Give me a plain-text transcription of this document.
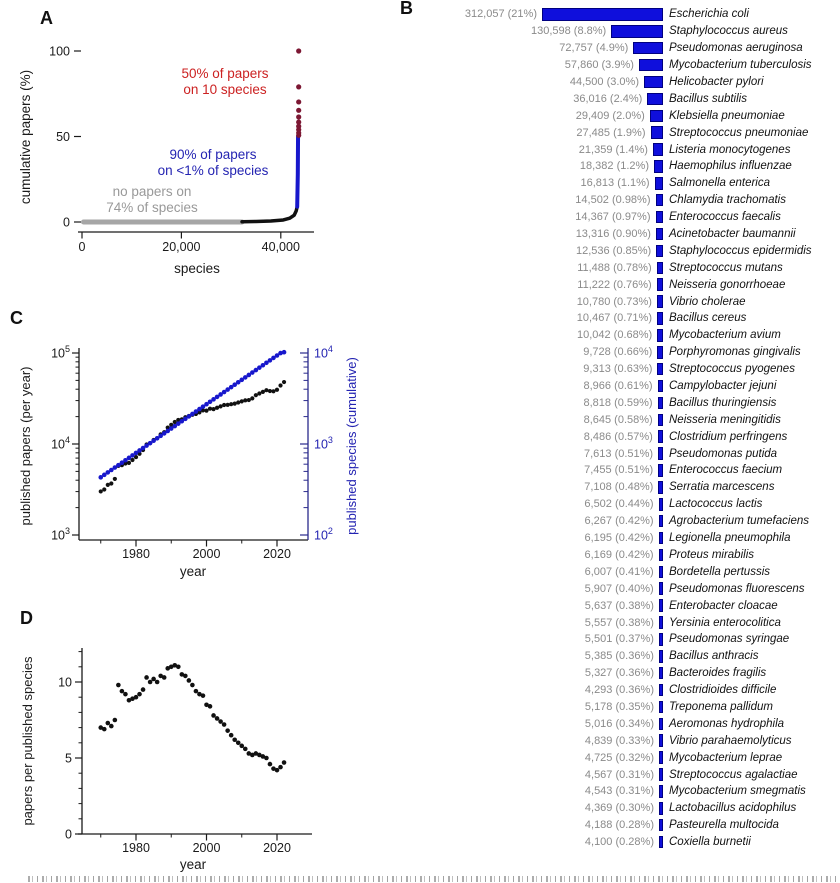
A
0	20,000	40,000
0
50
100
species
cumulative papers (%)	50% of papers
on 10 species
90% of papers
on <1% of species
no papers on
74% of species
C
$10^3$
$10^4$
$10^5$
$10^2$
$10^3$
$10^4$
1980	2000	2020
year
published papers (per year)	published species (cumulative)
D
0
5
10
1980	2000	2020
year
papers per published species
B	312,057 (21%)	Escherichia coli
130,598 (8.8%)	Staphylococcus aureus
72,757 (4.9%)	Pseudomonas aeruginosa
57,860 (3.9%)	Mycobacterium tuberculosis
44,500 (3.0%)	Helicobacter pylori
36,016 (2.4%) Bacillus subtilis
29,409 (2.0%) Klebsiella pneumoniae
27,485 (1.9%) Streptococcus pneumoniae
21,359 (1.4%) Listeria monocytogenes
18,382 (1.2%) Haemophilus influenzae
16,813 (1.1%) Salmonella enterica
14,502 (0.98%) Chlamydia trachomatis
14,367 (0.97%) Enterococcus faecalis
13,316 (0.90%) Acinetobacter baumannii
12,536 (0.85%) Staphylococcus epidermidis
11,488 (0.78%) Streptococcus mutans
11,222 (0.76%) Neisseria gonorrhoeae
10,780 (0.73%) Vibrio cholerae
10,467 (0.71%) Bacillus cereus
10,042 (0.68%) Mycobacterium avium
9,728 (0.66%) Porphyromonas gingivalis
9,313 (0.63%) Streptococcus pyogenes
8,966 (0.61%) Campylobacter jejuni
8,818 (0.59%) Bacillus thuringiensis
8,645 (0.58%) Neisseria meningitidis
8,486 (0.57%) Clostridium perfringens
7,613 (0.51%) Pseudomonas putida
7,455 (0.51%) Enterococcus faecium
7,108 (0.48%) Serratia marcescens
6,502 (0.44%) Lactococcus lactis
6,267 (0.42%) Agrobacterium tumefaciens
6,195 (0.42%) Legionella pneumophila
6,169 (0.42%) Proteus mirabilis
6,007 (0.41%) Bordetella pertussis
5,907 (0.40%) Pseudomonas fluorescens
5,637 (0.38%) Enterobacter cloacae
5,557 (0.38%) Yersinia enterocolitica
5,501 (0.37%) Pseudomonas syringae
5,385 (0.36%) Bacillus anthracis
5,327 (0.36%) Bacteroides fragilis
4,293 (0.36%) Clostridioides difficile
5,178 (0.35%) Treponema pallidum
5,016 (0.34%) Aeromonas hydrophila
4,839 (0.33%) Vibrio parahaemolyticus
4,725 (0.32%) Mycobacterium leprae
4,567 (0.31%) Streptococcus agalactiae
4,543 (0.31%) Mycobacterium smegmatis
4,369 (0.30%) Lactobacillus acidophilus
4,188 (0.28%) Pasteurella multocida
4,100 (0.28%) Coxiella burnetii
